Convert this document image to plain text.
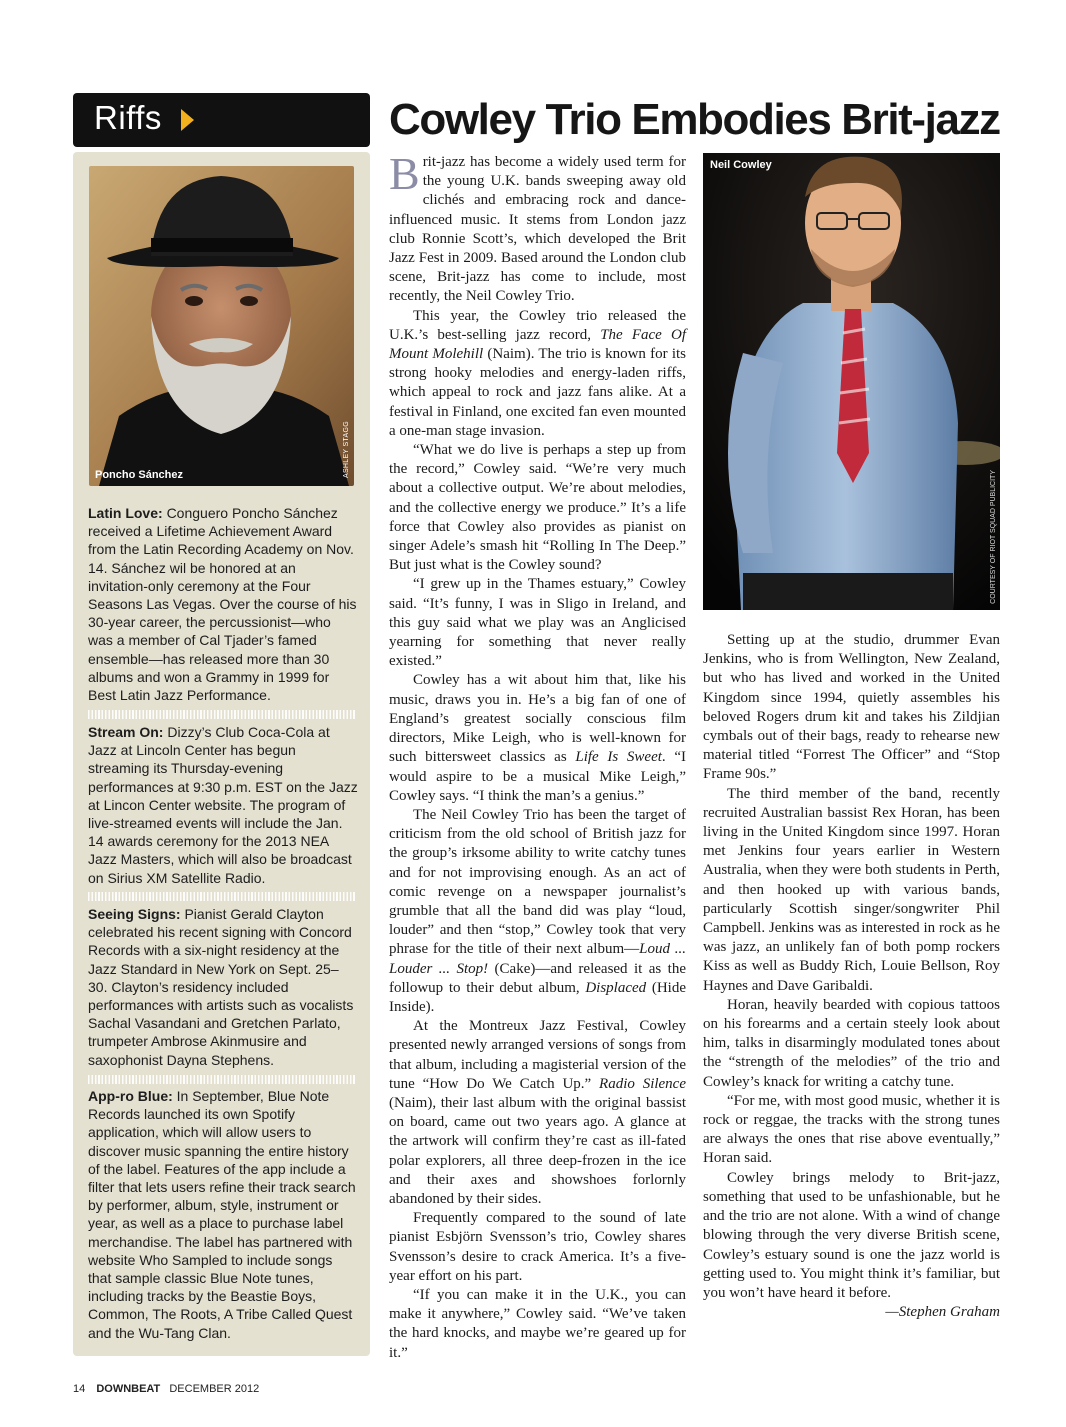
Riffs	Cowley Trio Embodies Brit-jazz
Poncho Sánchez	ASHLEY STAGG

Latin Love: Conguero Poncho Sánchez received a Lifetime Achievement Award from the Latin Recording Academy on Nov. 14. Sánchez wil be honored at an invitation-only ceremony at the Four Seasons Las Vegas. Over the course of his 30-year career, the percussionist—who was a member of Cal Tjader’s famed ensemble—has released more than 30 albums and won a Grammy in 1999 for Best Latin Jazz Performance.

Stream On: Dizzy’s Club Coca-Cola at Jazz at Lincoln Center has begun streaming its Thursday-evening performances at 9:30 p.m. EST on the Jazz at Lincon Center website. The program of live-streamed events will include the Jan. 14 awards ceremony for the 2013 NEA Jazz Masters, which will also be broadcast on Sirius XM Satellite Radio.

Seeing Signs: Pianist Gerald Clayton celebrated his recent signing with Concord Records with a six-night residency at the Jazz Standard in New York on Sept. 25–30. Clayton’s residency included performances with artists such as vocalists Sachal Vasandani and Gretchen Parlato, trumpeter Ambrose Akinmusire and saxophonist Dayna Stephens.

App-ro Blue: In September, Blue Note Records launched its own Spotify application, which will allow users to discover music spanning the entire history of the label. Features of the app include a filter that lets users refine their track search by performer, album, style, instrument or year, as well as a place to purchase label merchandise. The label has partnered with website Who Sampled to include songs that sample classic Blue Note tunes, including tracks by the Beastie Boys, Common, The Roots, A Tribe Called Quest and the Wu-Tang Clan.

Brit-jazz has become a widely used term for the young U.K. bands sweeping away old clichés and embracing rock and dance-influenced music. It stems from London jazz club Ronnie Scott’s, which developed the Brit Jazz Fest in 2009. Based around the London club scene, Brit-jazz has come to include, most recently, the Neil Cowley Trio.

This year, the Cowley trio released the U.K.’s best-selling jazz record, The Face Of Mount Molehill (Naim). The trio is known for its strong hooky melodies and energy-laden riffs, which appeal to rock and jazz fans alike. At a festival in Finland, one excited fan even mounted a one-man stage invasion.

“What we do live is perhaps a step up from the record,” Cowley said. “We’re very much about a collective output. We’re about melodies, and the collective energy we produce.” It’s a life force that Cowley also provides as pianist on singer Adele’s smash hit “Rolling In The Deep.” But just what is the Cowley sound?

“I grew up in the Thames estuary,” Cowley said. “It’s funny, I was in Sligo in Ireland, and this guy said what we play was an Anglicised yearning for something that never really existed.”

Cowley has a wit about him that, like his music, draws you in. He’s a big fan of one of England’s greatest socially conscious film directors, Mike Leigh, who is well-known for such bittersweet classics as Life Is Sweet. “I would aspire to be a musical Mike Leigh,” Cowley says. “I think the man’s a genius.”

The Neil Cowley Trio has been the target of criticism from the old school of British jazz for the group’s irksome ability to write catchy tunes and for not improvising enough. As an act of comic revenge on a newspaper journalist’s grumble that all the band did was play “loud, louder” and then “stop,” Cowley took that very phrase for the title of their next album—Loud ... Louder ... Stop! (Cake)—and released it as the followup to their debut album, Displaced (Hide Inside).

At the Montreux Jazz Festival, Cowley presented newly arranged versions of songs from that album, including a magisterial version of the tune “How Do We Catch Up.” Radio Silence (Naim), their last album with the original bassist on board, came out two years ago. A glance at the artwork will confirm they’re cast as ill-fated polar explorers, all three deep-frozen in the ice and their axes and showshoes forlornly abandoned by their sides.

Frequently compared to the sound of late pianist Esbjörn Svensson’s trio, Cowley shares Svensson’s desire to crack America. It’s a five-year effort on his part.

“If you can make it in the U.K., you can make it anywhere,” Cowley said. “We’ve taken the hard knocks, and maybe we’re geared up for it.”

Neil Cowley
COURTESY OF RIOT SQUAD PUBLICITY

Setting up at the studio, drummer Evan Jenkins, who is from Wellington, New Zealand, but who has lived and worked in the United Kingdom since 1994, quietly assembles his beloved Rogers drum kit and takes his Zildjian cymbals out of their bags, ready to rehearse new material titled “Forrest The Officer” and “Stop Frame 90s.”

The third member of the band, recently recruited Australian bassist Rex Horan, has been living in the United Kingdom since 1997. Horan met Jenkins four years earlier in Western Australia, when they were both students in Perth, and then hooked up with various bands, particularly Scottish singer/songwriter Phil Campbell. Jenkins was as interested in rock as he was jazz, an unlikely fan of both pomp rockers Kiss as well as Buddy Rich, Louie Bellson, Roy Haynes and Dave Garibaldi.

Horan, heavily bearded with copious tattoos on his forearms and a certain steely look about him, talks in disarmingly modulated tones about the “strength of the melodies” of the trio and Cowley’s knack for writing a catchy tune.

“For me, with most good music, whether it is rock or reggae, the tracks with the strong tunes are always the ones that rise above eventually,” Horan said.

Cowley brings melody to Brit-jazz, something that used to be unfashionable, but he and the trio are not alone. With a wind of change blowing through the very diverse British scene, Cowley’s estuary sound is one the jazz world is getting used to. You might think it’s familiar, but you won’t have heard it before.

—Stephen Graham

14 DOWNBEAT DECEMBER 2012
